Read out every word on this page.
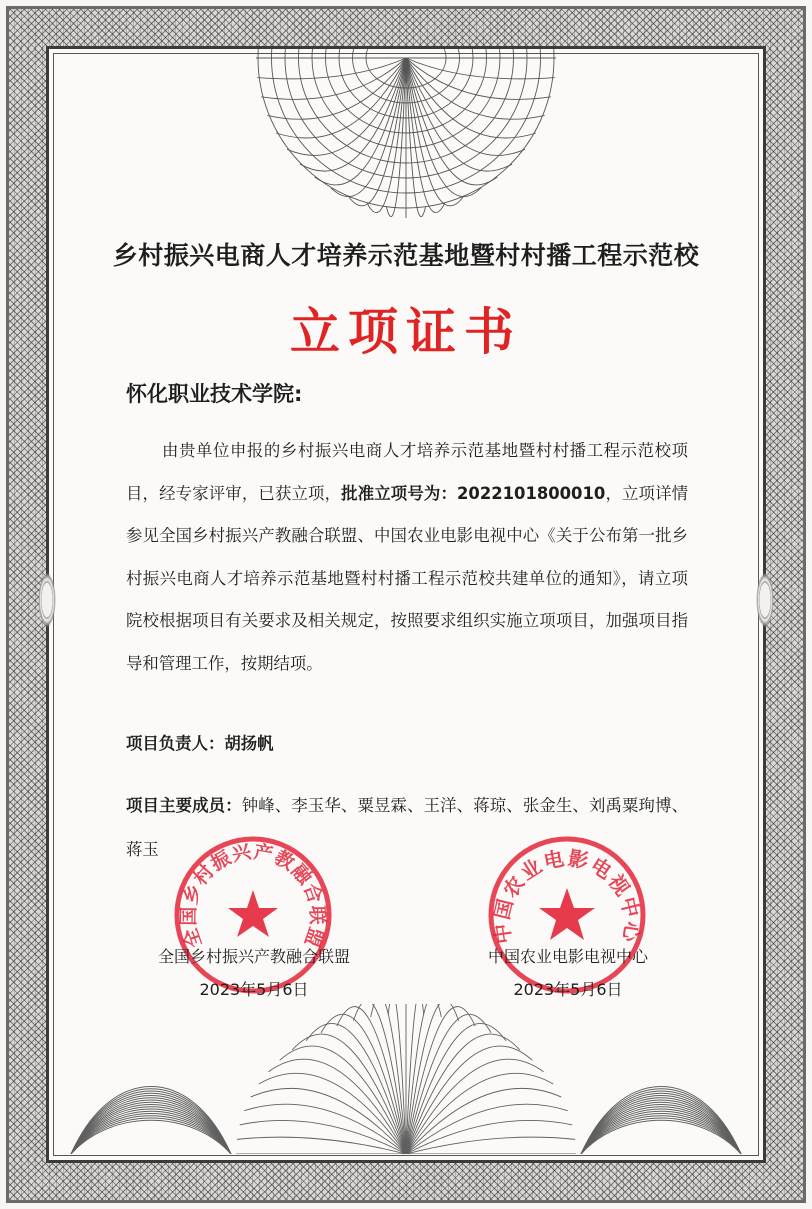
乡村振兴电商人才培养示范基地暨村村播工程示范校
立项证书
怀化职业技术学院:

由贵单位申报的乡村振兴电商人才培养示范基地暨村村播工程示范校项目，经专家评审，已获立项，批准立项号为：2022101800010，立项详情参见全国乡村振兴产教融合联盟、中国农业电影电视中心《关于公布第一批乡村振兴电商人才培养示范基地暨村村播工程示范校共建单位的通知》，请立项院校根据项目有关要求及相关规定，按照要求组织实施立项项目，加强项目指导和管理工作，按期结项。

项目负责人：胡扬帆

项目主要成员：钟峰、李玉华、粟昱霖、王洋、蒋琼、张金生、刘禹粟珣博、蒋玉

全国乡村振兴产教融合联盟	中国农业电影电视中心
全国乡村振兴产教融合联盟
2023年5月6日
中国农业电影电视中心
2023年5月6日
